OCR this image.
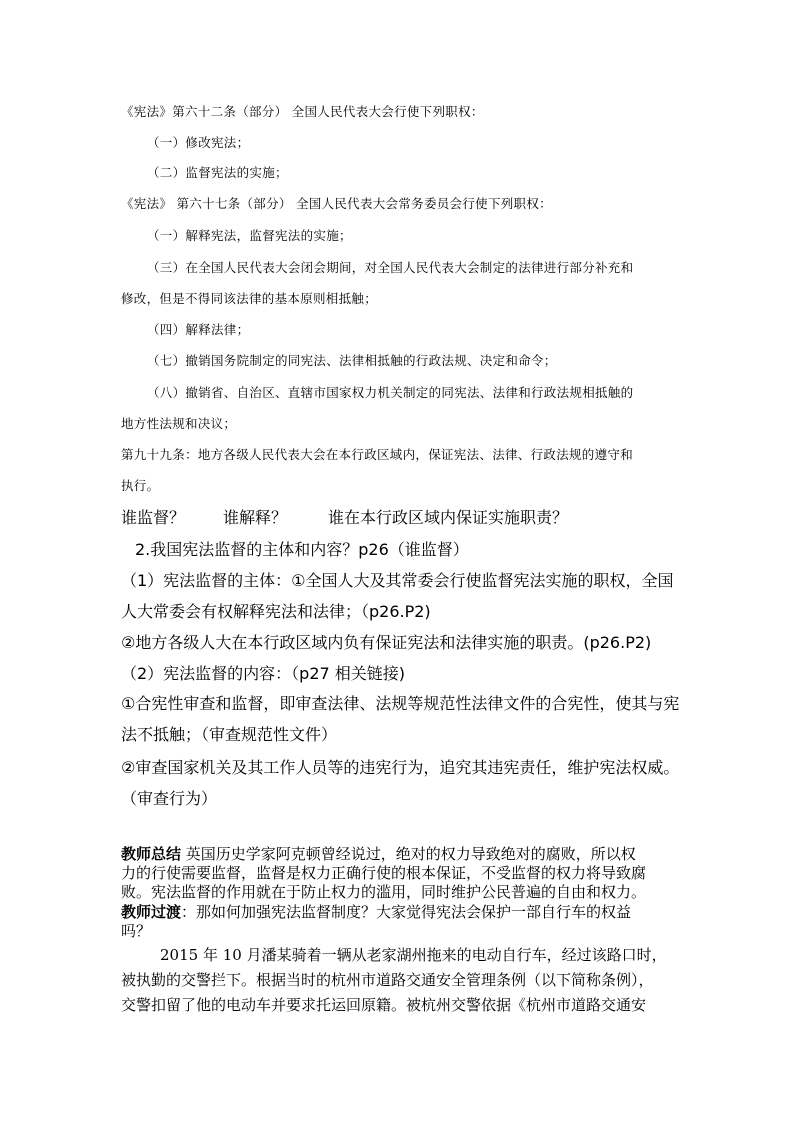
《宪法》第六十二条（部分） 全国人民代表大会行使下列职权：
（一）修改宪法；
（二）监督宪法的实施；
《宪法》 第六十七条（部分） 全国人民代表大会常务委员会行使下列职权：
（一）解释宪法，监督宪法的实施；
（三）在全国人民代表大会闭会期间，对全国人民代表大会制定的法律进行部分补充和
修改，但是不得同该法律的基本原则相抵触；
（四）解释法律；
（七）撤销国务院制定的同宪法、法律相抵触的行政法规、决定和命令；
（八）撤销省、自治区、直辖市国家权力机关制定的同宪法、法律和行政法规相抵触的
地方性法规和决议；
第九十九条：地方各级人民代表大会在本行政区域内，保证宪法、法律、行政法规的遵守和
执行。
谁监督？ 谁解释？	谁在本行政区域内保证实施职责？
2.我国宪法监督的主体和内容？p26（谁监督）
（1）宪法监督的主体：①全国人大及其常委会行使监督宪法实施的职权，全国
人大常委会有权解释宪法和法律；（p26.P2)
②地方各级人大在本行政区域内负有保证宪法和法律实施的职责。(p26.P2)
（2）宪法监督的内容：（p27 相关链接)
①合宪性审查和监督，即审查法律、法规等规范性法律文件的合宪性，使其与宪
法不抵触；（审查规范性文件）
②审查国家机关及其工作人员等的违宪行为，追究其违宪责任，维护宪法权威。
（审查行为）
教师总结 英国历史学家阿克顿曾经说过，绝对的权力导致绝对的腐败，所以权
力的行使需要监督，监督是权力正确行使的根本保证，不受监督的权力将导致腐
败。宪法监督的作用就在于防止权力的滥用，同时维护公民普遍的自由和权力。
教师过渡：那如何加强宪法监督制度？大家觉得宪法会保护一部自行车的权益
吗？
2015 年 10 月潘某骑着一辆从老家湖州拖来的电动自行车，经过该路口时，
被执勤的交警拦下。根据当时的杭州市道路交通安全管理条例（以下简称条例），
交警扣留了他的电动车并要求托运回原籍。被杭州交警依据《杭州市道路交通安
